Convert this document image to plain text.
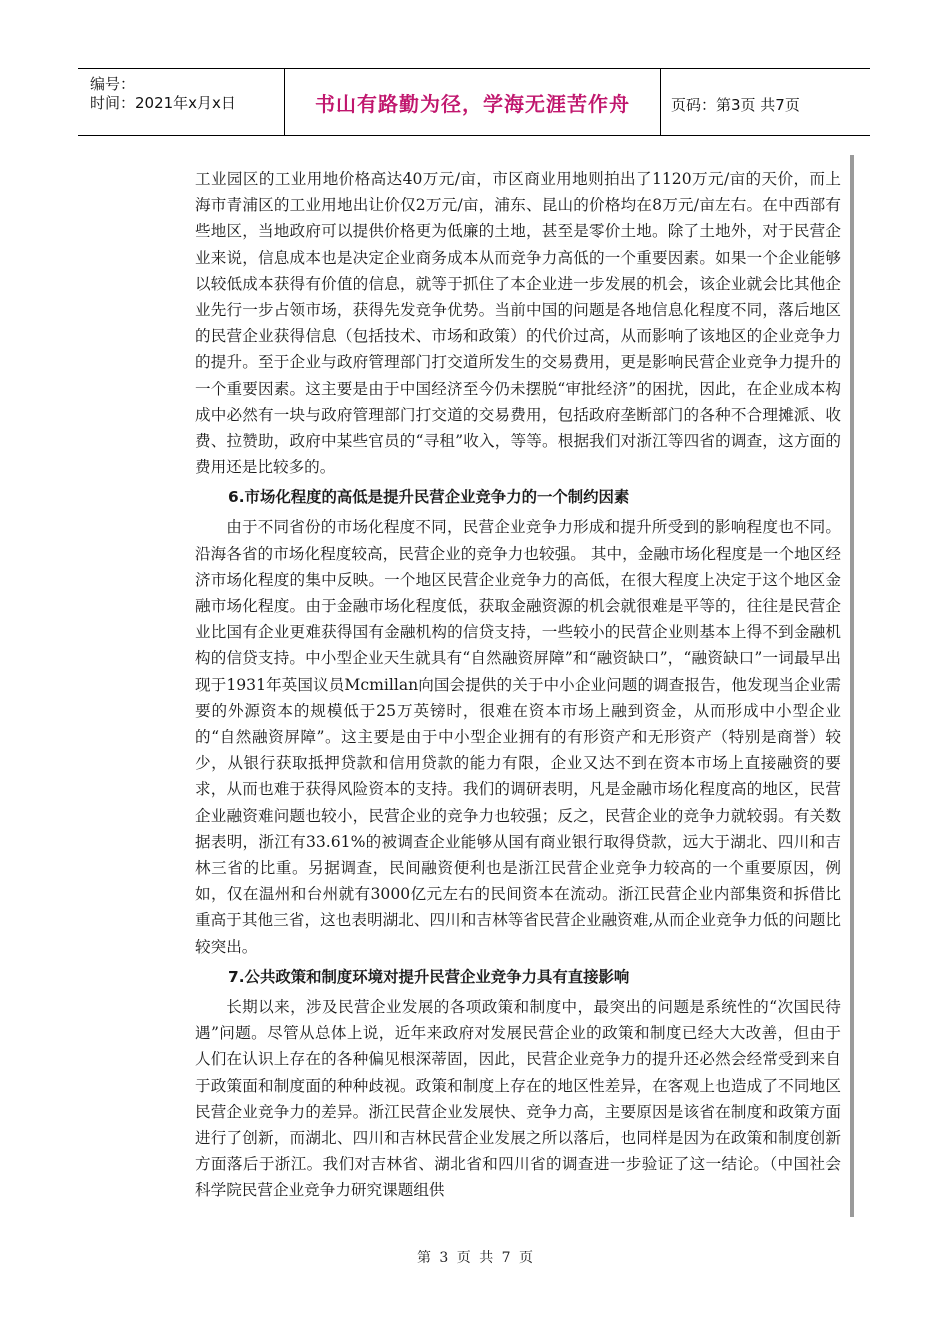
编号：
时间：2021年x月x日	书山有路勤为径，学海无涯苦作舟	页码：第3页 共7页

工业园区的工业用地价格高达40万元/亩，市区商业用地则拍出了1120万元/亩的天价，而上海市青浦区的工业用地出让价仅2万元/亩，浦东、昆山的价格均在8万元/亩左右。在中西部有些地区，当地政府可以提供价格更为低廉的土地，甚至是零价土地。除了土地外，对于民营企业来说，信息成本也是决定企业商务成本从而竞争力高低的一个重要因素。如果一个企业能够以较低成本获得有价值的信息，就等于抓住了本企业进一步发展的机会，该企业就会比其他企业先行一步占领市场，获得先发竞争优势。当前中国的问题是各地信息化程度不同，落后地区的民营企业获得信息（包括技术、市场和政策）的代价过高，从而影响了该地区的企业竞争力的提升。至于企业与政府管理部门打交道所发生的交易费用，更是影响民营企业竞争力提升的一个重要因素。这主要是由于中国经济至今仍未摆脱“审批经济”的困扰，因此，在企业成本构成中必然有一块与政府管理部门打交道的交易费用，包括政府垄断部门的各种不合理摊派、收费、拉赞助，政府中某些官员的“寻租”收入，等等。根据我们对浙江等四省的调查，这方面的费用还是比较多的。

6.市场化程度的高低是提升民营企业竞争力的一个制约因素

由于不同省份的市场化程度不同，民营企业竞争力形成和提升所受到的影响程度也不同。沿海各省的市场化程度较高，民营企业的竞争力也较强。 其中，金融市场化程度是一个地区经济市场化程度的集中反映。一个地区民营企业竞争力的高低，在很大程度上决定于这个地区金融市场化程度。由于金融市场化程度低，获取金融资源的机会就很难是平等的，往往是民营企业比国有企业更难获得国有金融机构的信贷支持，一些较小的民营企业则基本上得不到金融机构的信贷支持。中小型企业天生就具有“自然融资屏障”和“融资缺口”，“融资缺口”一词最早出现于1931年英国议员Mcmillan向国会提供的关于中小企业问题的调查报告，他发现当企业需要的外源资本的规模低于25万英镑时，很难在资本市场上融到资金，从而形成中小型企业的“自然融资屏障”。这主要是由于中小型企业拥有的有形资产和无形资产（特别是商誉）较少，从银行获取抵押贷款和信用贷款的能力有限，企业又达不到在资本市场上直接融资的要求，从而也难于获得风险资本的支持。我们的调研表明，凡是金融市场化程度高的地区，民营企业融资难问题也较小，民营企业的竞争力也较强；反之，民营企业的竞争力就较弱。有关数据表明，浙江有33.61%的被调查企业能够从国有商业银行取得贷款，远大于湖北、四川和吉林三省的比重。另据调查，民间融资便利也是浙江民营企业竞争力较高的一个重要原因，例如，仅在温州和台州就有3000亿元左右的民间资本在流动。浙江民营企业内部集资和拆借比重高于其他三省，这也表明湖北、四川和吉林等省民营企业融资难,从而企业竞争力低的问题比较突出。

7.公共政策和制度环境对提升民营企业竞争力具有直接影响

长期以来，涉及民营企业发展的各项政策和制度中，最突出的问题是系统性的“次国民待遇”问题。尽管从总体上说，近年来政府对发展民营企业的政策和制度已经大大改善，但由于人们在认识上存在的各种偏见根深蒂固，因此，民营企业竞争力的提升还必然会经常受到来自于政策面和制度面的种种歧视。政策和制度上存在的地区性差异，在客观上也造成了不同地区民营企业竞争力的差异。浙江民营企业发展快、竞争力高，主要原因是该省在制度和政策方面进行了创新，而湖北、四川和吉林民营企业发展之所以落后，也同样是因为在政策和制度创新方面落后于浙江。我们对吉林省、湖北省和四川省的调查进一步验证了这一结论。（中国社会科学院民营企业竞争力研究课题组供

第 3 页 共 7 页
